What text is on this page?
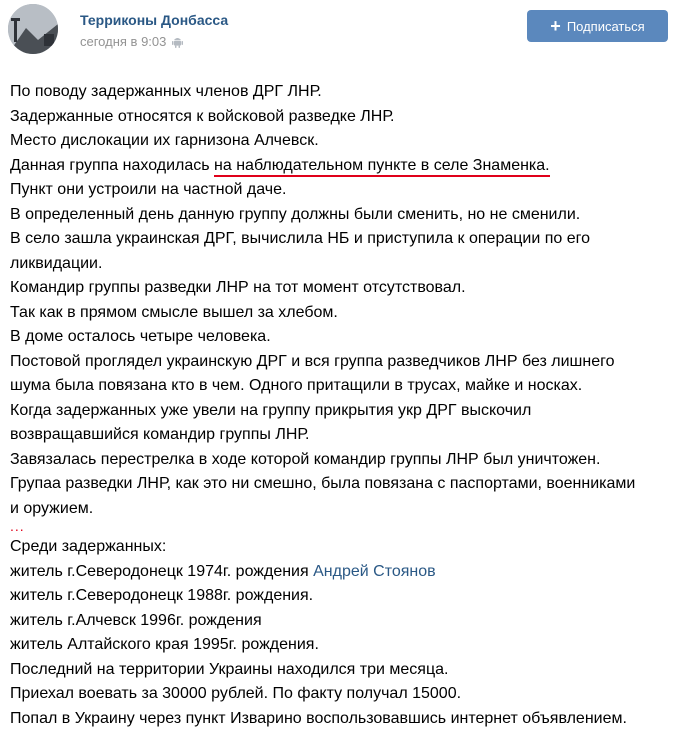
Терриконы Донбасса
сегодня в 9:03
+ Подписаться
По поводу задержанных членов ДРГ ЛНР.
Задержанные относятся к войсковой разведке ЛНР.
Место дислокации их гарнизона Алчевск.
Данная группа находилась на наблюдательном пункте в селе Знаменка.
Пункт они устроили на частной даче.
В определенный день данную группу должны были сменить, но не сменили.
В село зашла украинская ДРГ, вычислила НБ и приступила к операции по его
ликвидации.
Командир группы разведки ЛНР на тот момент отсутствовал.
Так как в прямом смысле вышел за хлебом.
В доме осталось четыре человека.
Постовой проглядел украинскую ДРГ и вся группа разведчиков ЛНР без лишнего
шума была повязана кто в чем. Одного притащили в трусах, майке и носках.
Когда задержанных уже увели на группу прикрытия укр ДРГ выскочил
возвращавшийся командир группы ЛНР.
Завязалась перестрелка в ходе которой командир группы ЛНР был уничтожен.
Групаа разведки ЛНР, как это ни смешно, была повязана с паспортами, военниками
и оружием.
...
Среди задержанных:
житель г.Северодонецк 1974г. рождения Андрей Стоянов
житель г.Северодонецк 1988г. рождения.
житель г.Алчевск 1996г. рождения
житель Алтайского края 1995г. рождения.
Последний на территории Украины находился три месяца.
Приехал воевать за 30000 рублей. По факту получал 15000.
Попал в Украину через пункт Изварино воспользовавшись интернет объявлением.
